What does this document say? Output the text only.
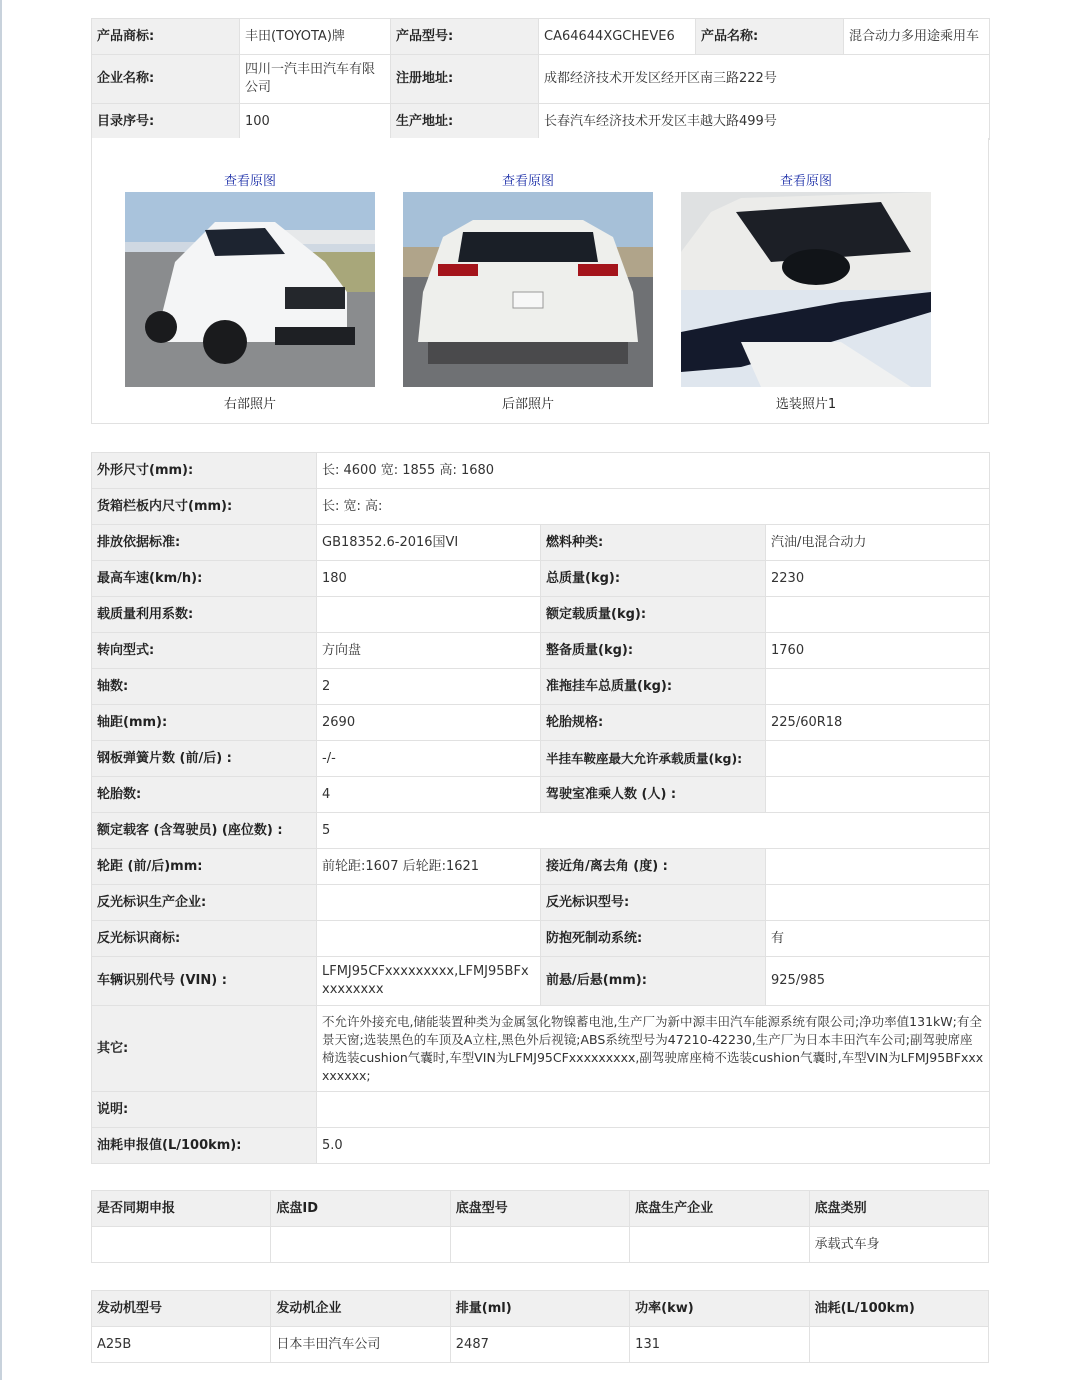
产品商标:	丰田(TOYOTA)牌	产品型号:	CA6464​4XGCHEVE6	产品名称:	混合动力多用途乘用车
企业名称:	四川一汽丰田汽车有限公司	注册地址:	成都经济技术开发区经开区南三路222号		
目录序号:	100	生产地址:	长春汽车经济技术开发区丰越大路499号		
查看原图
右部照片
查看原图
后部照片
查看原图
选装照片1
外形尺寸(mm):	长: 4600 宽: 1855 高: 1680		
货箱栏板内尺寸(mm):	长: 宽: 高:		
排放依据标准:	GB18352.6-2016国VI	燃料种类:	汽油/电混合动力
最高车速(km/h):	180	总质量(kg):	2230
载质量利用系数:		额定载质量(kg):	
转向型式:	方向盘	整备质量(kg):	1760
轴数:	2	准拖挂车总质量(kg):	
轴距(mm):	2690	轮胎规格:	225/60R18
钢板弹簧片数 (前/后) :	-/-	半挂车鞍座最大允许承载质量(kg):	
轮胎数:	4	驾驶室准乘人数 (人) :	
额定载客 (含驾驶员) (座位数) :	5		
轮距 (前/后)mm:	前轮距:1607 后轮距:1621	接近角/离去角 (度) :	
反光标识生产企业:		反光标识型号:	
反光标识商标:		防抱死制动系统:	有
车辆识别代号 (VIN) :	LFMJ95CFxxxxxxxxx,LFMJ95BFxxxxxxxxx	前悬/后悬(mm):	925/985
其它:	不允许外接充电,储能装置种类为金属氢化物镍蓄电池,生产厂为新中源丰田汽车能源系统有限公司;净功率值131kW;有全景天窗;选装黑色的车顶及A立柱,黑色外后视镜;ABS系统型号为47210-42230,生产厂为日本丰田汽车公司;副驾驶席座椅选装cushion气囊时,车型VIN为LFMJ95CFxxxxxxxxx,副驾驶席座椅不选装cushion气囊时,车型VIN为LFMJ95BFxxxxxxxxx;		
说明:			
油耗申报值(L/100km):	5.0		
是否同期申报	底盘ID	底盘型号	底盘生产企业	底盘类别
				承载式车身
发动机型号	发动机企业	排量(ml)	功率(kw)	油耗(L/100km)
A25B	日本丰田汽车公司	2487	131	
